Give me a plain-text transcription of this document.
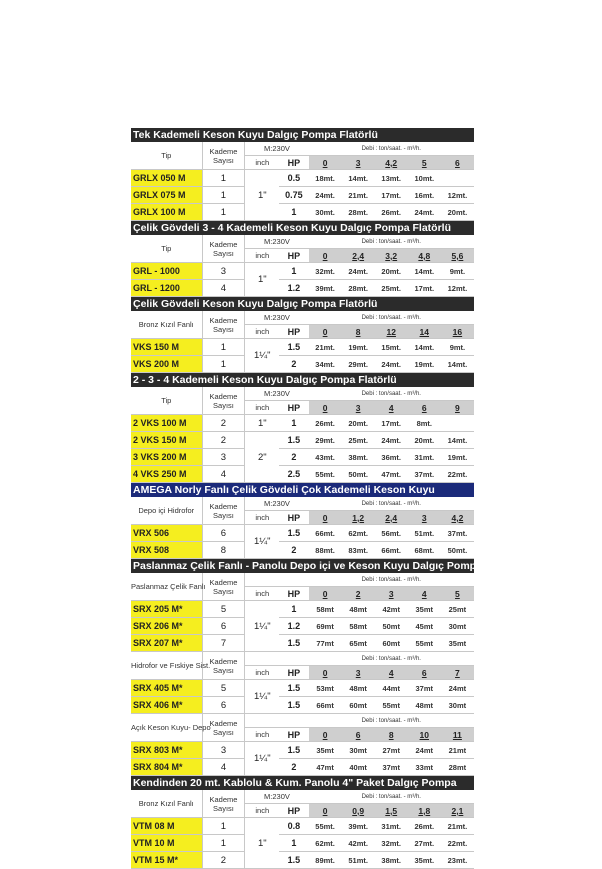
Tek Kademeli Keson Kuyu Dalgıç Pompa Flatörlü
Tip	Kademe
Sayısı	M:230V		Debi : ton/saat. - m³/h.				
		inch	HP	0	3	4,2	5	6
GRLX 050 M	1	1"	0.5	18mt.	14mt.	13mt.	10mt.	
GRLX 075 M	1		0.75	24mt.	21mt.	17mt.	16mt.	12mt.
GRLX 100 M	1		1	30mt.	28mt.	26mt.	24mt.	20mt.
Çelik Gövdeli 3 - 4 Kademeli Keson Kuyu Dalgıç Pompa Flatörlü
Tip	Kademe
Sayısı	M:230V		Debi : ton/saat. - m³/h.				
		inch	HP	0	2,4	3,2	4,8	5,6
GRL - 1000	3	1"	1	32mt.	24mt.	20mt.	14mt.	9mt.
GRL - 1200	4		1.2	39mt.	28mt.	25mt.	17mt.	12mt.
Çelik Gövdeli Keson Kuyu Dalgıç Pompa Flatörlü
Bronz Kızıl Fanlı	Kademe
Sayısı	M:230V		Debi : ton/saat. - m³/h.				
		inch	HP	0	8	12	14	16
VKS 150 M	1	1¼"	1.5	21mt.	19mt.	15mt.	14mt.	9mt.
VKS 200 M	1		2	34mt.	29mt.	24mt.	19mt.	14mt.
2 - 3 - 4 Kademeli Keson Kuyu Dalgıç Pompa Flatörlü
Tip	Kademe
Sayısı	M:230V		Debi : ton/saat. - m³/h.				
		inch	HP	0	3	4	6	9
2 VKS 100 M	2	1"	1	26mt.	20mt.	17mt.	8mt.	
2 VKS 150 M	2	2"	1.5	29mt.	25mt.	24mt.	20mt.	14mt.
3 VKS 200 M	3		2	43mt.	38mt.	36mt.	31mt.	19mt.
4 VKS 250 M	4		2.5	55mt.	50mt.	47mt.	37mt.	22mt.
AMEGA Norly Fanlı Çelik Gövdeli Çok Kademeli Keson Kuyu
Depo içi Hidrofor	Kademe
Sayısı	M:230V		Debi : ton/saat. - m³/h.				
		inch	HP	0	1,2	2,4	3	4,2
VRX 506	6	1¼"	1.5	66mt.	62mt.	56mt.	51mt.	37mt.
VRX 508	8		2	88mt.	83mt.	66mt.	68mt.	50mt.
Paslanmaz Çelik Fanlı - Panolu Depo içi ve Keson Kuyu Dalgıç Pompa
Paslanmaz Çelik Fanlı	Kademe
Sayısı			Debi : ton/saat. - m³/h.				
		inch	HP	0	2	3	4	5
SRX 205 M*	5	1¼"	1	58mt	48mt	42mt	35mt	25mt
SRX 206 M*	6		1.2	69mt	58mt	50mt	45mt	30mt
SRX 207 M*	7		1.5	77mt	65mt	60mt	55mt	35mt
Hidrofor ve Fıskiye Sist.	Kademe
Sayısı			Debi : ton/saat. - m³/h.				
		inch	HP	0	3	4	6	7
SRX 405 M*	5	1¼"	1.5	53mt	48mt	44mt	37mt	24mt
SRX 406 M*	6		1.5	66mt	60mt	55mt	48mt	30mt
Açık Keson Kuyu- Depo	Kademe
Sayısı			Debi : ton/saat. - m³/h.				
		inch	HP	0	6	8	10	11
SRX 803 M*	3	1¼"	1.5	35mt	30mt	27mt	24mt	21mt
SRX 804 M*	4		2	47mt	40mt	37mt	33mt	28mt
Kendinden 20 mt. Kablolu & Kum. Panolu 4" Paket Dalgıç Pompa
Bronz Kızıl Fanlı	Kademe
Sayısı	M:230V		Debi : ton/saat. - m³/h.				
		inch	HP	0	0,9	1,5	1,8	2,1
VTM 08 M	1	1"	0.8	55mt.	39mt.	31mt.	26mt.	21mt.
VTM 10 M	1		1	62mt.	42mt.	32mt.	27mt.	22mt.
VTM 15 M*	2		1.5	89mt.	51mt.	38mt.	35mt.	23mt.
